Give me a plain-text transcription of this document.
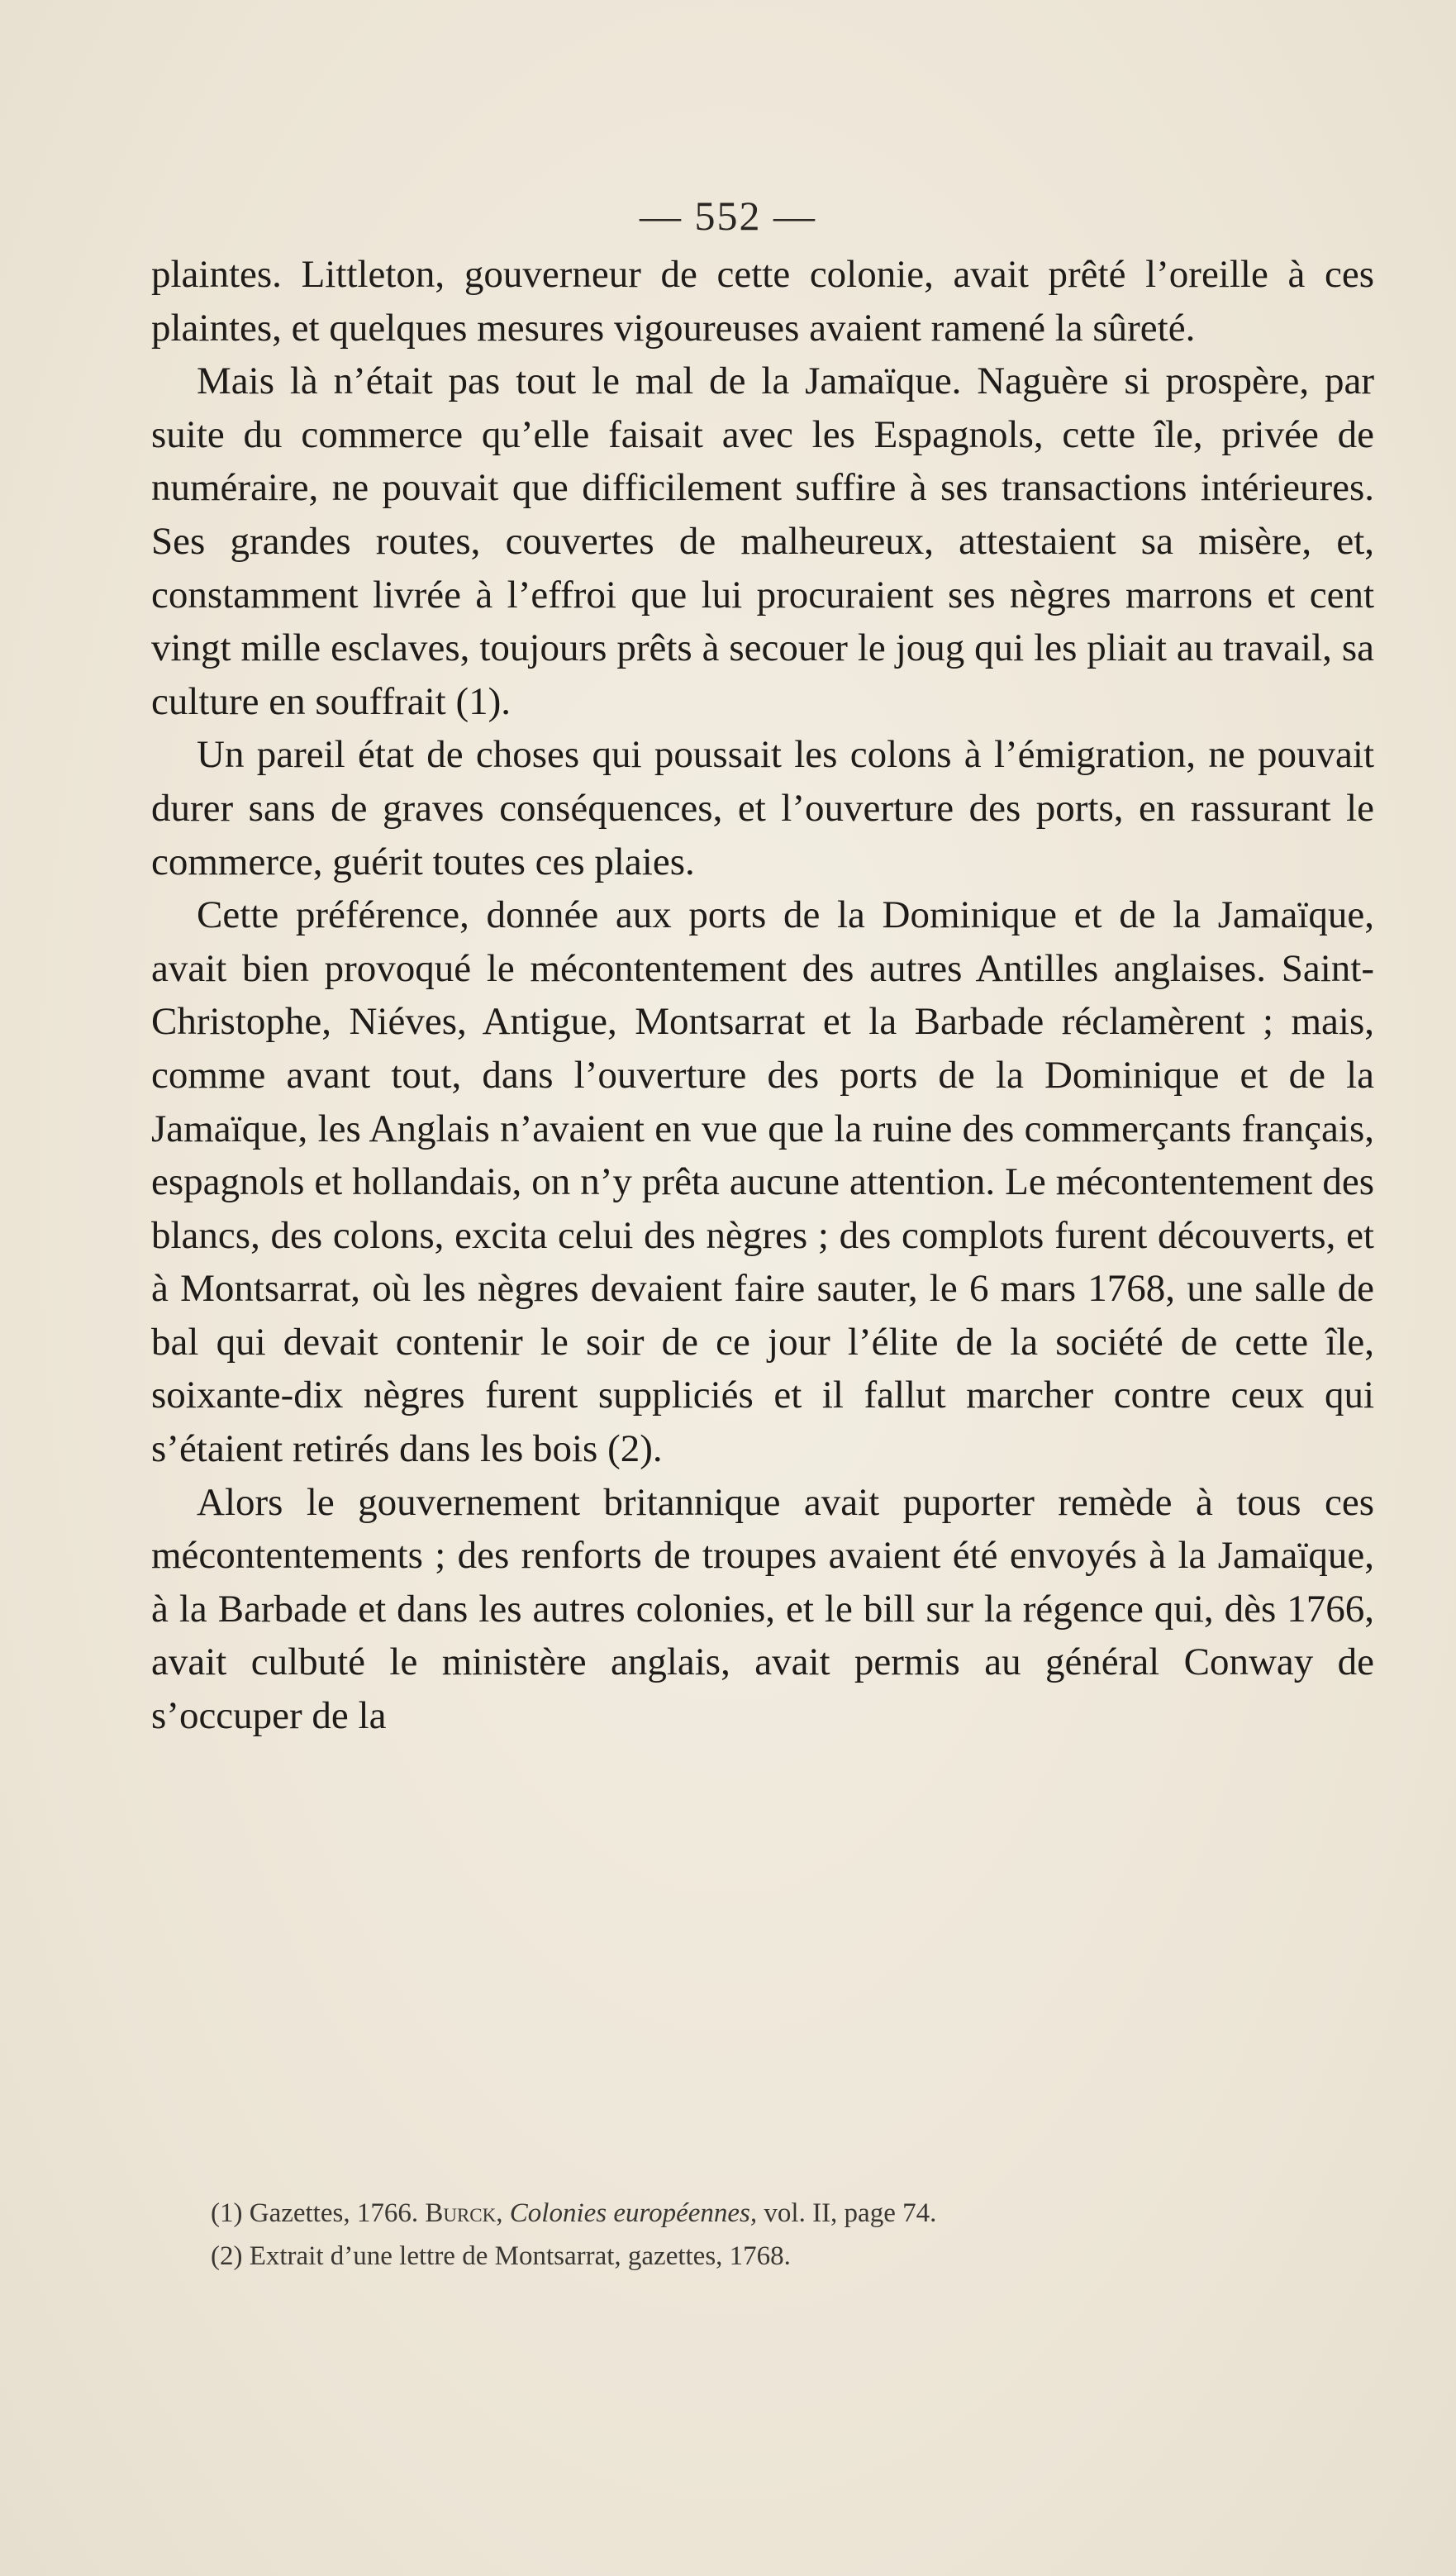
— 552 —

plaintes. Littleton, gouverneur de cette colonie, avait prêté l’oreille à ces plaintes, et quelques mesures vigoureuses avaient ramené la sûreté.

Mais là n’était pas tout le mal de la Jamaïque. Naguère si prospère, par suite du commerce qu’elle faisait avec les Espagnols, cette île, privée de numéraire, ne pouvait que difficilement suffire à ses transactions intérieures. Ses grandes routes, couvertes de malheureux, attestaient sa misère, et, constamment livrée à l’effroi que lui procuraient ses nègres marrons et cent vingt mille esclaves, toujours prêts à secouer le joug qui les pliait au travail, sa culture en souffrait (1).

Un pareil état de choses qui poussait les colons à l’émigration, ne pouvait durer sans de graves conséquences, et l’ouverture des ports, en rassurant le commerce, guérit toutes ces plaies.

Cette préférence, donnée aux ports de la Dominique et de la Jamaïque, avait bien provoqué le mécontentement des autres Antilles anglaises. Saint-Christophe, Niéves, Antigue, Montsarrat et la Barbade réclamèrent ; mais, comme avant tout, dans l’ouverture des ports de la Dominique et de la Jamaïque, les Anglais n’avaient en vue que la ruine des commerçants français, espagnols et hollandais, on n’y prêta aucune attention. Le mécontentement des blancs, des colons, excita celui des nègres ; des complots furent découverts, et à Montsarrat, où les nègres devaient faire sauter, le 6 mars 1768, une salle de bal qui devait contenir le soir de ce jour l’élite de la société de cette île, soixante-dix nègres furent suppliciés et il fallut marcher contre ceux qui s’étaient retirés dans les bois (2).

Alors le gouvernement britannique avait puporter remède à tous ces mécontentements ; des renforts de troupes avaient été envoyés à la Jamaïque, à la Barbade et dans les autres colonies, et le bill sur la régence qui, dès 1766, avait culbuté le ministère anglais, avait permis au général Conway de s’occuper de la

(1) Gazettes, 1766. Burck, Colonies européennes, vol. II, page 74.
(2) Extrait d’une lettre de Montsarrat, gazettes, 1768.
